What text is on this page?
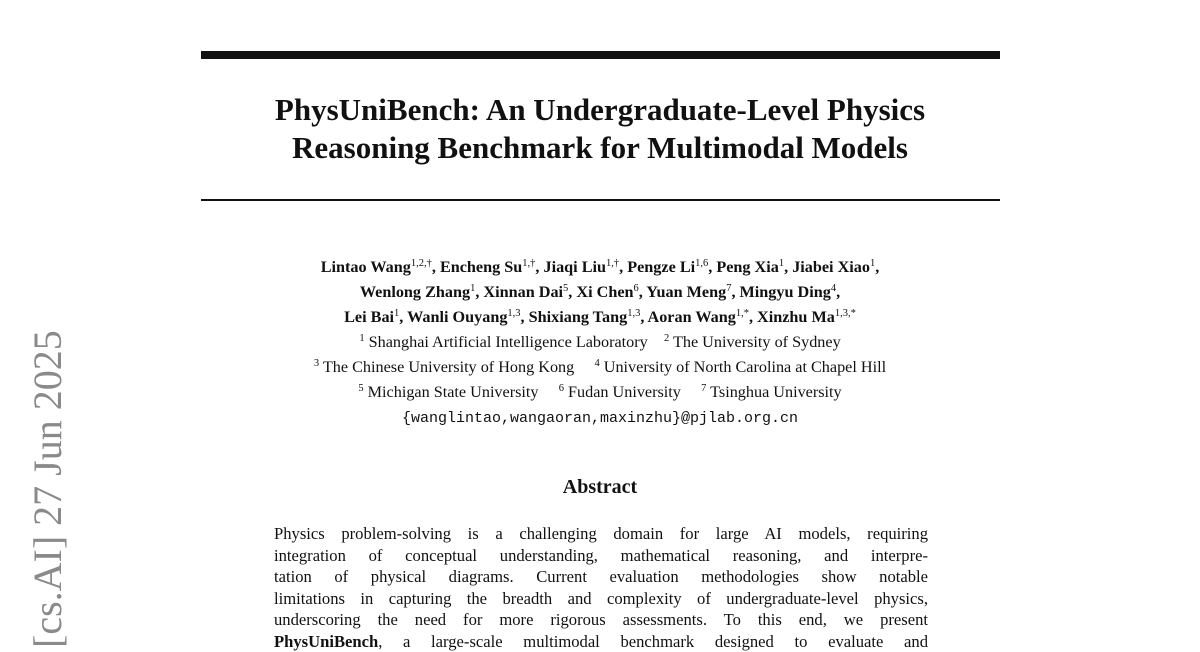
PhysUniBench: An Undergraduate-Level Physics
Reasoning Benchmark for Multimodal Models
Lintao Wang$^{1,2,\dagger}$, Encheng $Su^{1,\dagger}$, Jiaqi Liu$^{1,\dagger}$, Pengze Li$^{1,6}$, Peng Xia$^1$, Jiabei Xiao$^1$,
Wenlong Zhang$^1$, Xinnan Dai$^5$, Xi Chen$^6$, Yuan Meng$^7$, Mingyu Ding$^4$,
Lei Bai$^1$, Wanli Ouyang$^{1,3}$, Shixiang Tang$^{1,3}$, Aoran Wang$^{1,*}$, Xinzhu $Ma^{1,3,*}$
$^1$ Shanghai Artificial Intelligence Laboratory $^2$ The University of Sydney
$^3$ The Chinese University of Hong Kong $^4$ University of North Carolina at Chapel Hill
$^5$ Michigan State University $^6$ Fudan University $^7$ Tsinghua University
{wanglintao,wangaoran,maxinzhu}@pjlab.org.cn
Abstract
Physics problem-solving is a challenging domain for large AI models, requiring
integration of conceptual understanding, mathematical reasoning, and interpre-
tation of physical diagrams. Current evaluation methodologies show notable
limitations in capturing the breadth and complexity of undergraduate-level physics,
underscoring the need for more rigorous assessments. To this end, we present
PhysUniBench, a large-scale multimodal benchmark designed to evaluate and
[cs.AI] 27 Jun 2025
